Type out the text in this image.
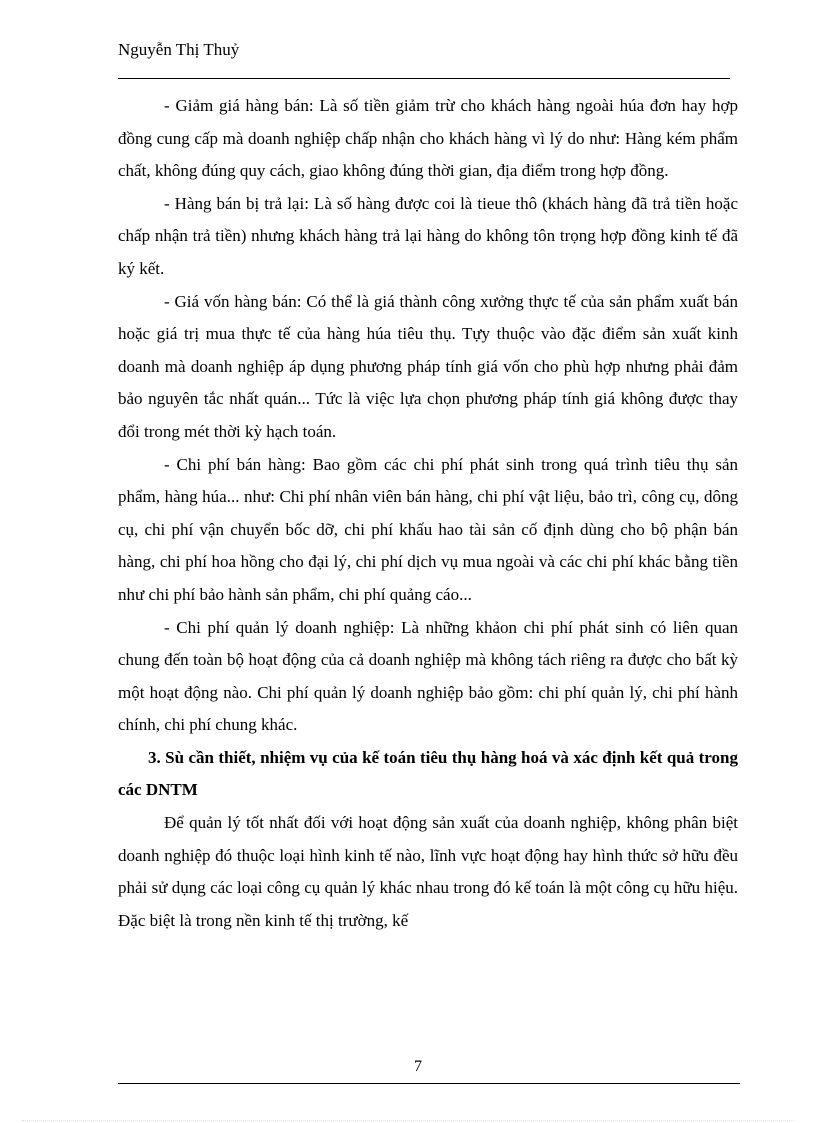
Nguyễn Thị Thuỷ

- Giảm giá hàng bán: Là số tiền giảm trừ cho khách hàng ngoài húa đơn hay hợp đồng cung cấp mà doanh nghiệp chấp nhận cho khách hàng vì lý do như: Hàng kém phẩm chất, không đúng quy cách, giao không đúng thời gian, địa điểm trong hợp đồng.

- Hàng bán bị trả lại: Là số hàng được coi là tieue thô (khách hàng đã trả tiền hoặc chấp nhận trả tiền) nhưng khách hàng trả lại hàng do không tôn trọng hợp đồng kinh tế đã ký kết.

- Giá vốn hàng bán: Có thể là giá thành công xưởng thực tế của sản phẩm xuất bán hoặc giá trị mua thực tế của hàng húa tiêu thụ. Tựy thuộc vào đặc điểm sản xuất kinh doanh mà doanh nghiệp áp dụng phương pháp tính giá vốn cho phù hợp nhưng phải đảm bảo nguyên tắc nhất quán... Tức là việc lựa chọn phương pháp tính giá không được thay đổi trong mét thời kỳ hạch toán.

- Chi phí bán hàng: Bao gồm các chi phí phát sinh trong quá trình tiêu thụ sản phẩm, hàng húa... như: Chi phí nhân viên bán hàng, chi phí vật liệu, bảo trì, công cụ, dông cụ, chi phí vận chuyển bốc dỡ, chi phí khấu hao tài sản cố định dùng cho bộ phận bán hàng, chi phí hoa hồng cho đại lý, chi phí dịch vụ mua ngoài và các chi phí khác bằng tiền như chi phí bảo hành sản phẩm, chi phí quảng cáo...

- Chi phí quản lý doanh nghiệp: Là những khảon chi phí phát sinh có liên quan chung đến toàn bộ hoạt động của cả doanh nghiệp mà không tách riêng ra được cho bất kỳ một hoạt động nào. Chi phí quản lý doanh nghiệp bảo gồm: chi phí quản lý, chi phí hành chính, chi phí chung khác.

3. Sù cần thiết, nhiệm vụ của kế toán tiêu thụ hàng hoá và xác định kết quả trong các DNTM

Để quản lý tốt nhất đối với hoạt động sản xuất của doanh nghiệp, không phân biệt doanh nghiệp đó thuộc loại hình kinh tế nào, lĩnh vực hoạt động hay hình thức sở hữu đều phải sử dụng các loại công cụ quản lý khác nhau trong đó kế toán là một công cụ hữu hiệu. Đặc biệt là trong nền kinh tế thị trường, kế

7
